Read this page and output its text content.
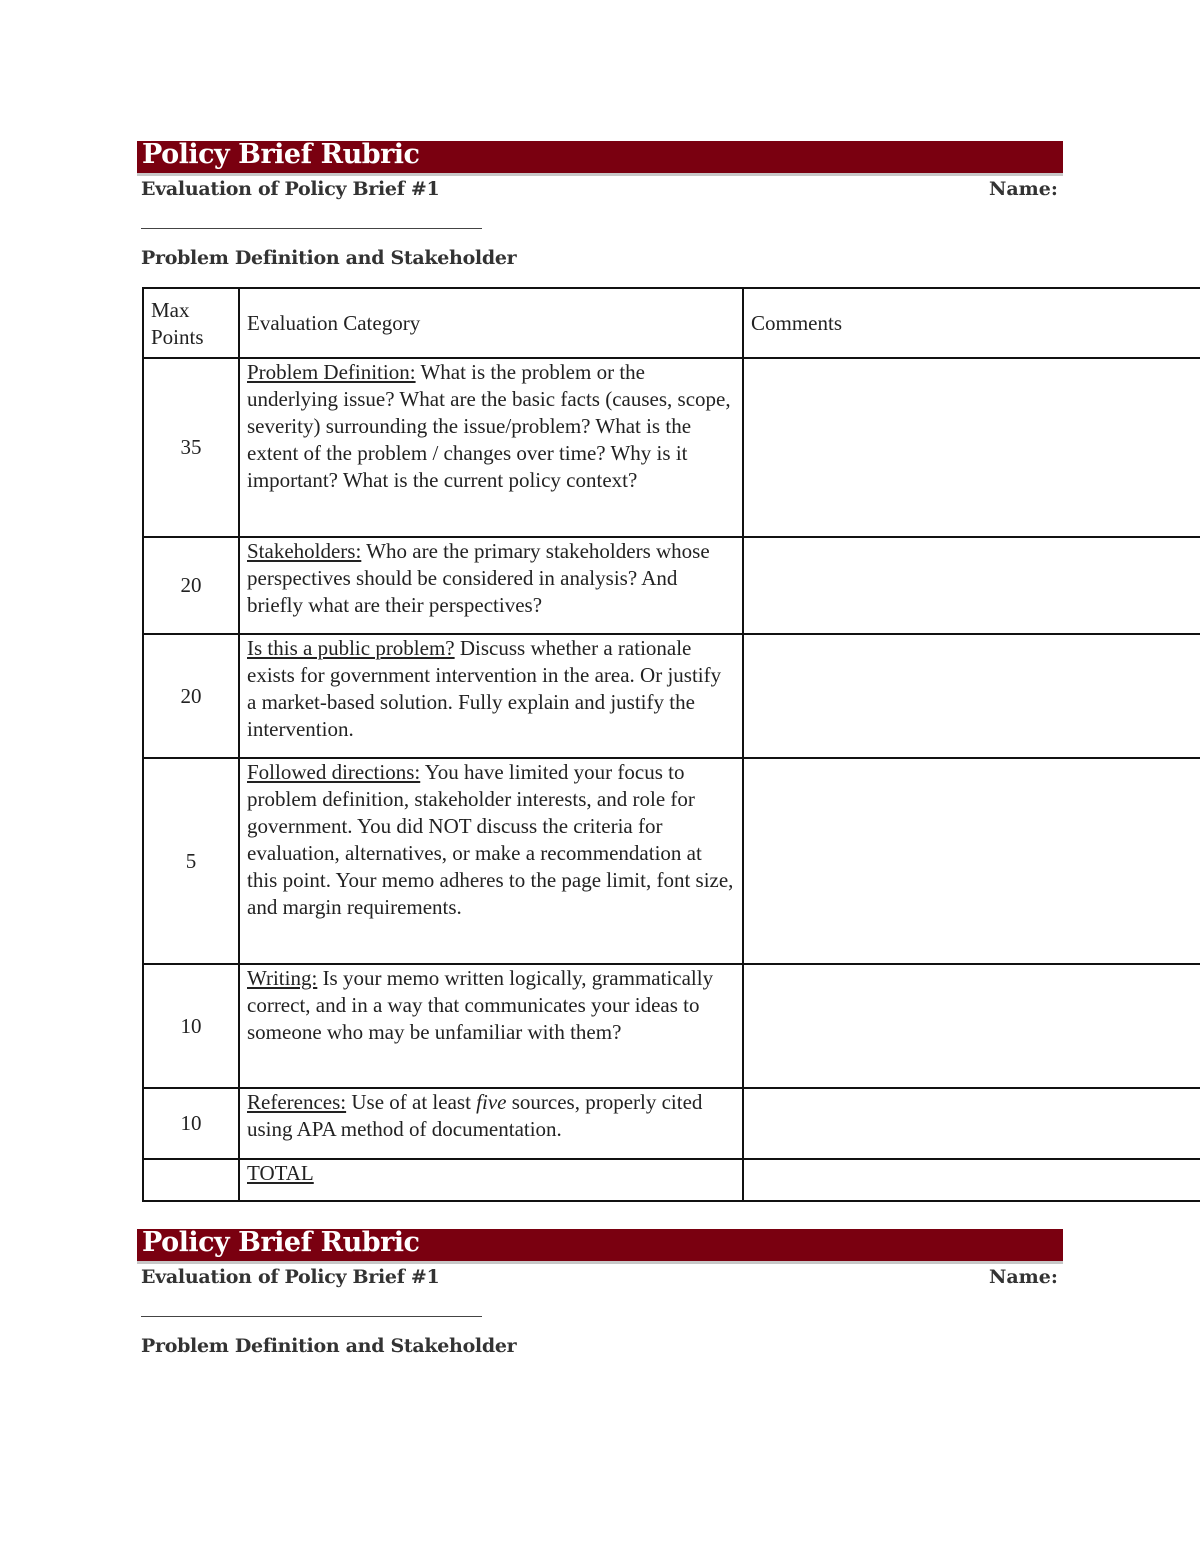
Policy Brief Rubric
Evaluation of Policy Brief #1	Name:
Problem Definition and Stakeholder
Max Points	Evaluation Category	Comments
35	Problem Definition: What is the problem or the underlying issue? What are the basic facts (causes, scope, severity) surrounding the issue/problem? What is the extent of the problem / changes over time? Why is it important? What is the current policy context?	
20	Stakeholders: Who are the primary stakeholders whose perspectives should be considered in analysis? And briefly what are their perspectives?	
20	Is this a public problem? Discuss whether a rationale exists for government intervention in the area. Or justify a market-based solution. Fully explain and justify the intervention.	
5	Followed directions: You have limited your focus to problem definition, stakeholder interests, and role for government. You did NOT discuss the criteria for evaluation, alternatives, or make a recommendation at this point. Your memo adheres to the page limit, font size, and margin requirements.	
10	Writing: Is your memo written logically, grammatically correct, and in a way that communicates your ideas to someone who may be unfamiliar with them?	
10	References: Use of at least five sources, properly cited using APA method of documentation.	
	TOTAL	
Policy Brief Rubric
Evaluation of Policy Brief #1	Name:
Problem Definition and Stakeholder
